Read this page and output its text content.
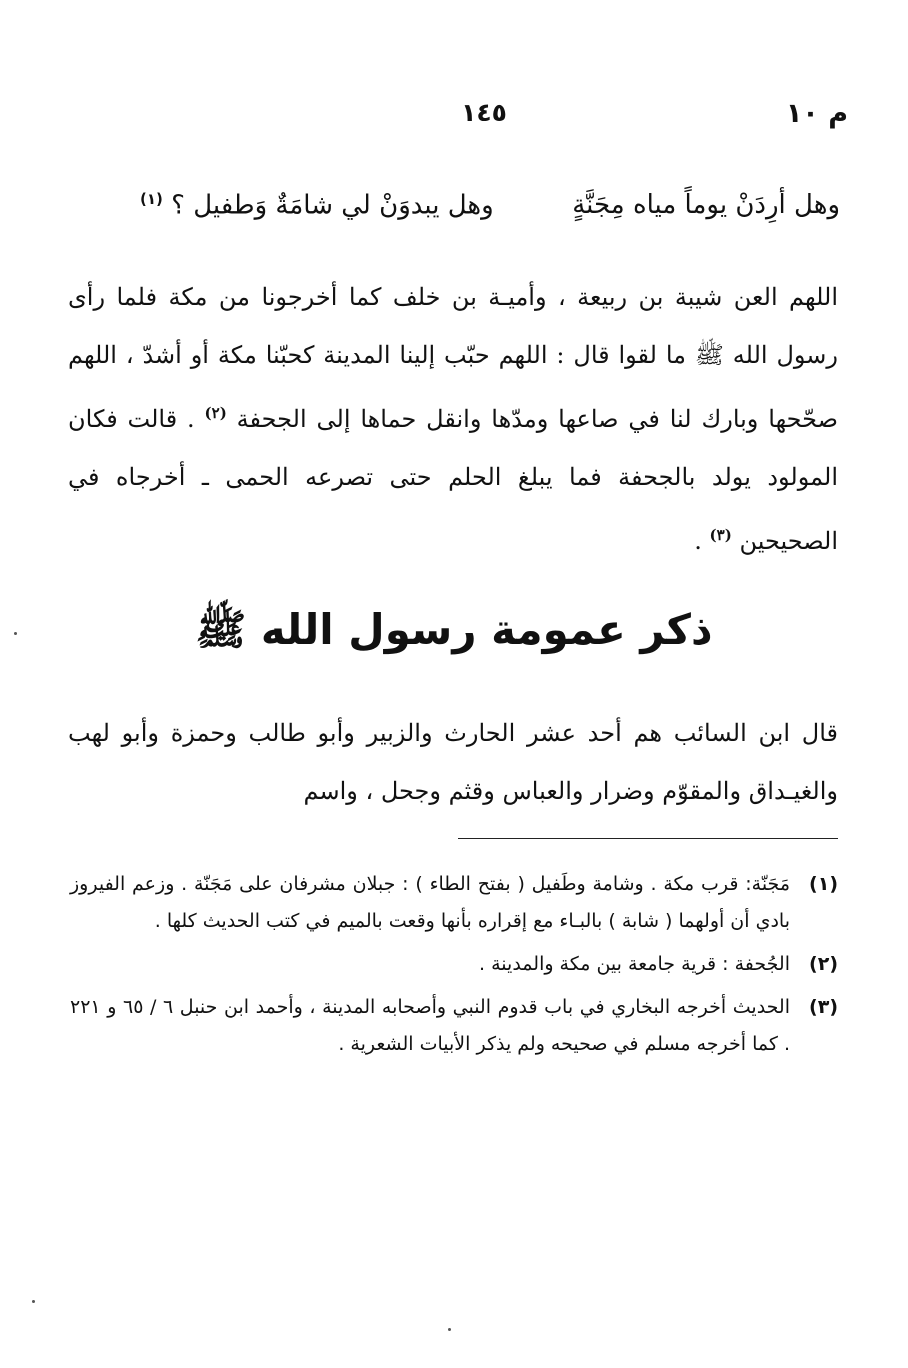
م ١٠
١٤٥
وهل أرِدَنْ يوماً مياه مِجَنَّةٍ
وهل يبدوَنْ لي شامَةٌ وَطفيل ؟ $^{(١)}$
اللهم العن شيبة بن ربيعة ، وأميـة بن خلف كما أخرجونا من مكة فلما رأى رسول الله ﷺ ما لقوا قال : اللهم حبّب إلينا المدينة كحبّنا مكة أو أشدّ ، اللهم صحّحها وبارك لنا في صاعها ومدّها وانقل حماها إلى الجحفة $^{(٢)}$ . قالت فكان المولود يولد بالجحفة فما يبلغ الحلم حتى تصرعه الحمى ـ أخرجاه في الصحيحين $^{(٣)}$ .
ذكر عمومة رسول الله ﷺ
قال ابن السائب هم أحد عشر الحارث والزبير وأبو طالب وحمزة وأبو لهب والغيـداق والمقوّم وضرار والعباس وقثم وجحل ، واسم
(١)
مَجَنّة: قرب مكة . وشامة وطَفيل ( بفتح الطاء ) : جبلان مشرفان على مَجَنّة . وزعم الفيروز بادي أن أولهما ( شابة ) بالبـاء مع إقراره بأنها وقعت بالميم في كتب الحديث كلها .
(٢)
الجُحفة : قرية جامعة بين مكة والمدينة .
(٣)
الحديث أخرجه البخاري في باب قدوم النبي وأصحابه المدينة ، وأحمد ابن حنبل ٦ / ٦٥ و ٢٢١ . كما أخرجه مسلم في صحيحه ولم يذكر الأبيات الشعرية .
